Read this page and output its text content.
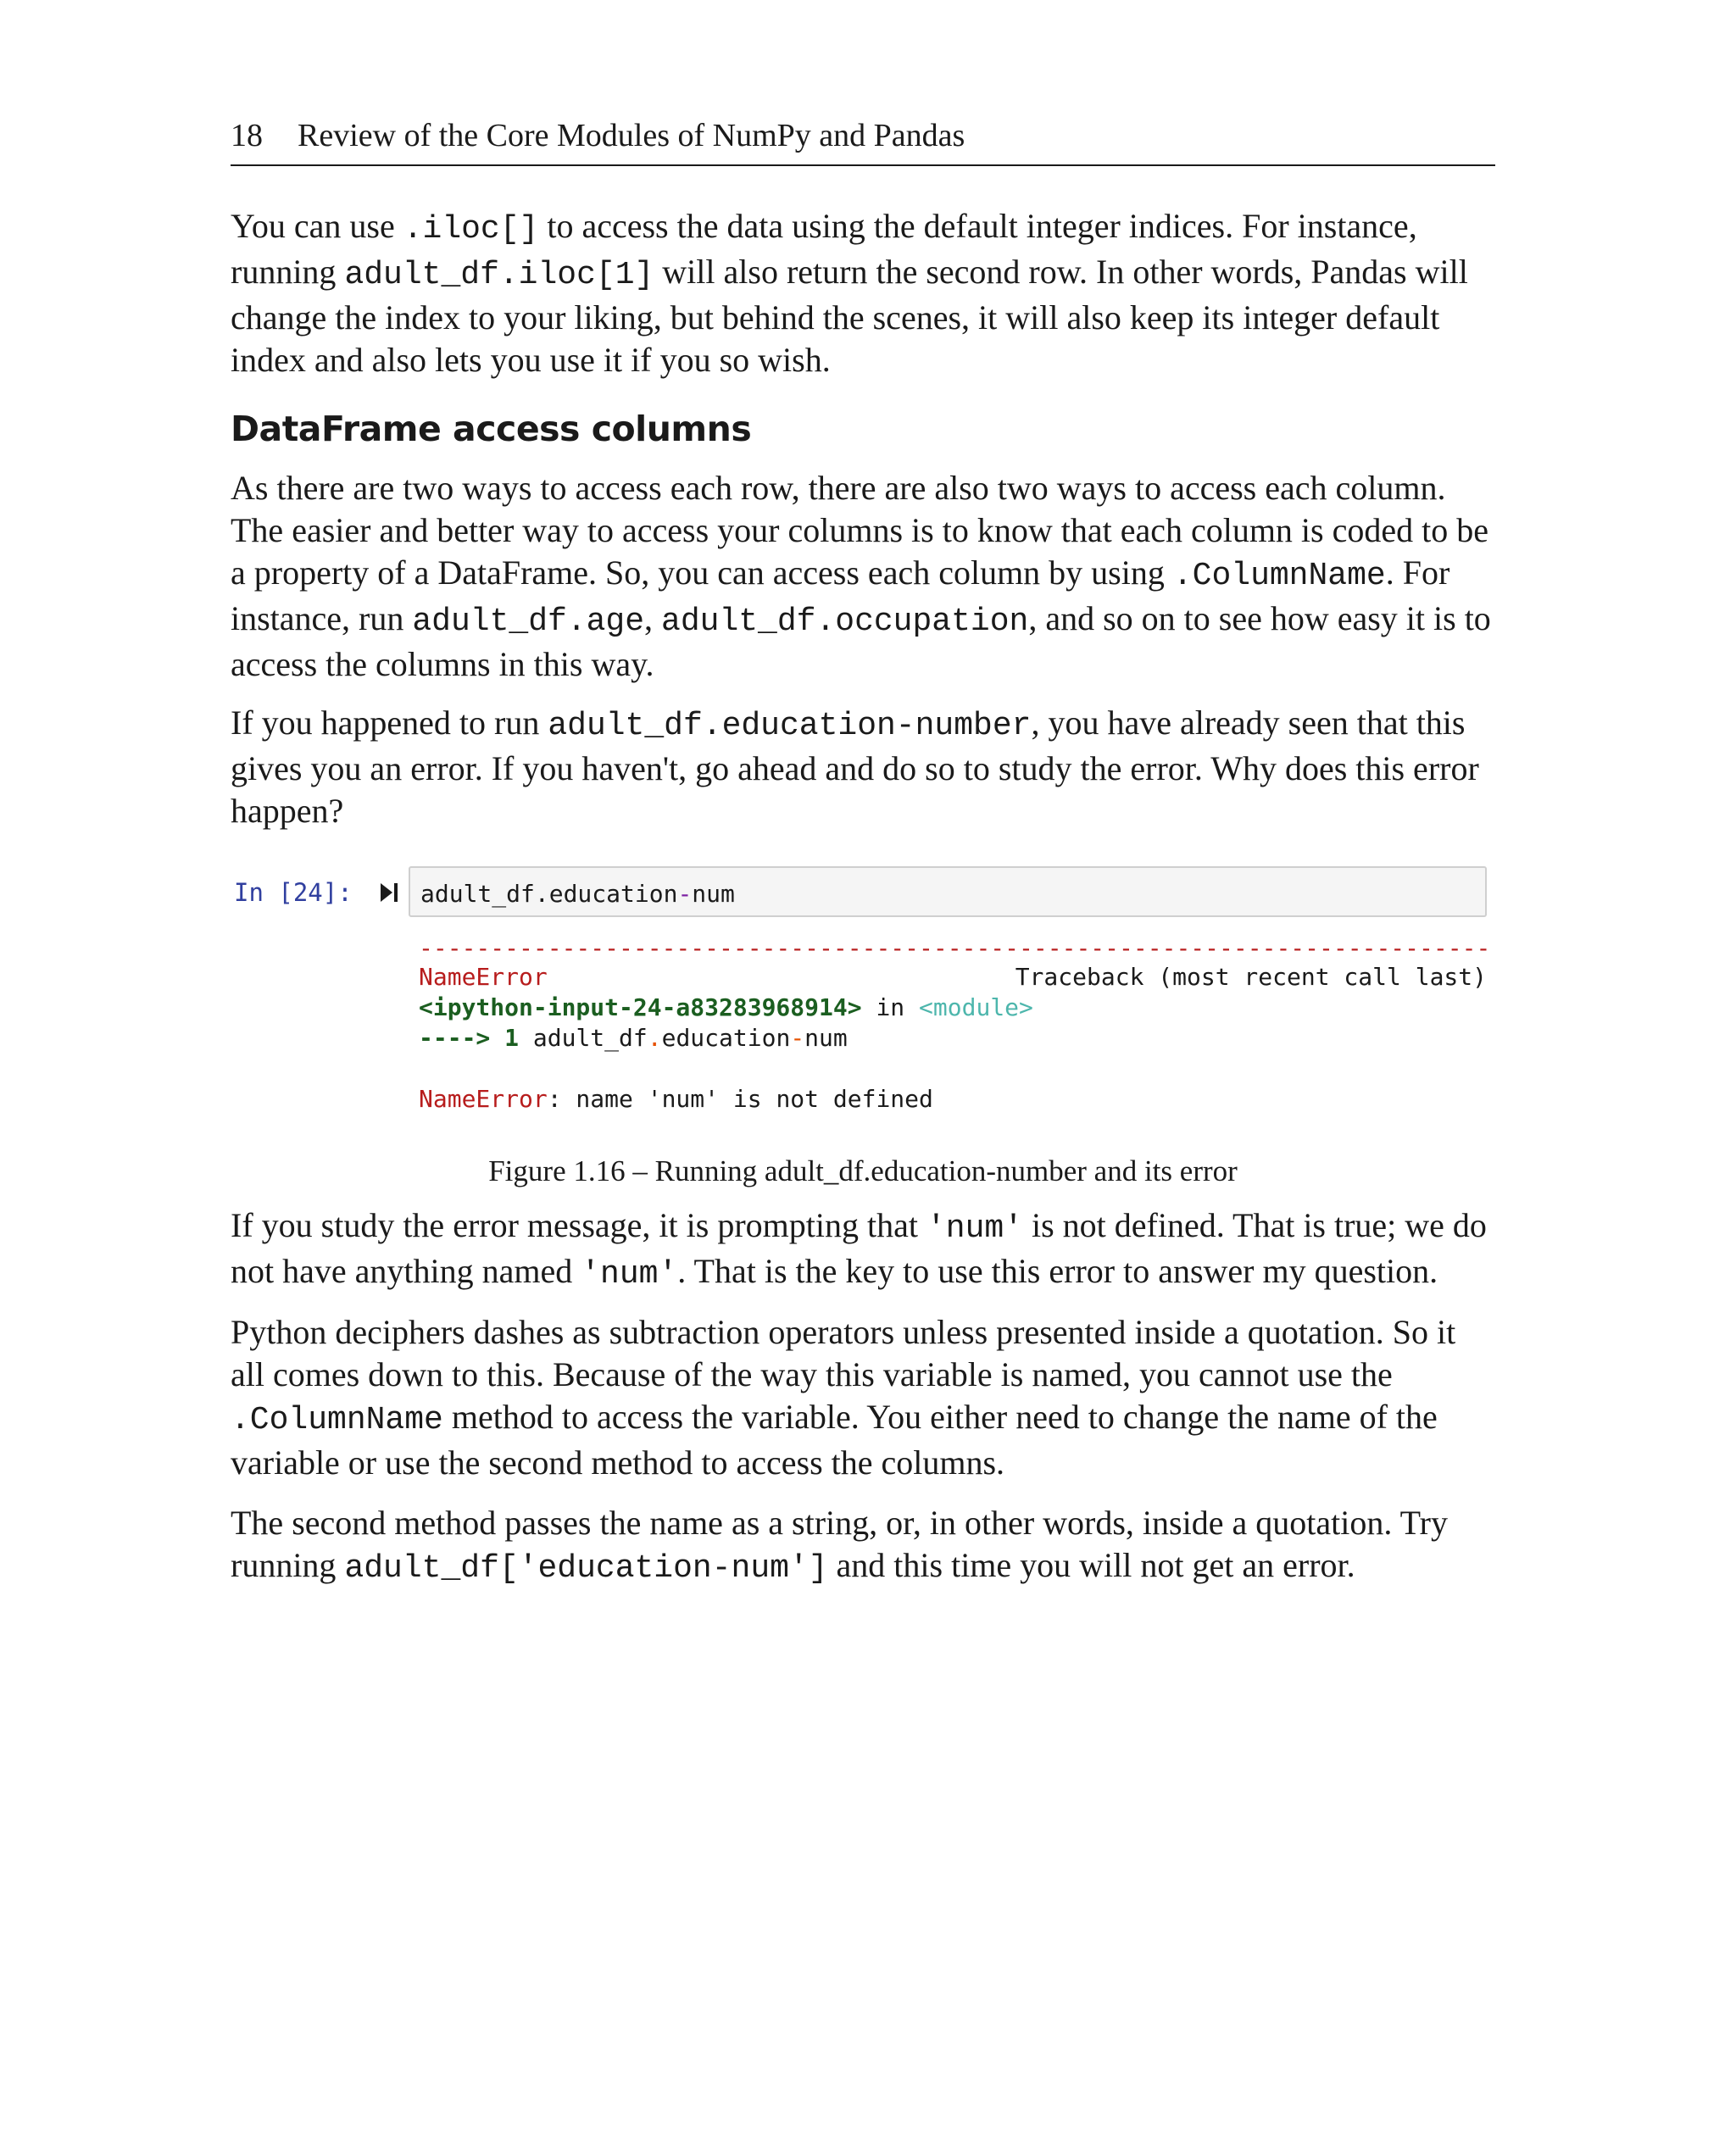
18 Review of the Core Modules of NumPy and Pandas

You can use .iloc[] to access the data using the default integer indices. For instance, running adult_df.iloc[1] will also return the second row. In other words, Pandas will change the index to your liking, but behind the scenes, it will also keep its integer default index and also lets you use it if you so wish.

DataFrame access columns

As there are two ways to access each row, there are also two ways to access each column. The easier and better way to access your columns is to know that each column is coded to be a property of a DataFrame. So, you can access each column by using .ColumnName. For instance, run adult_df.age, adult_df.occupation, and so on to see how easy it is to access the columns in this way.

If you happened to run adult_df.education-number, you have already seen that this gives you an error. If you haven't, go ahead and do so to study the error. Why does this error happen?

In [24]:	adult_df.education-num
---------------------------------------------------------------------------
NameError	Traceback (most recent call last)
<ipython-input-24-a83283968914> in <module>
----> 1 adult_df.education-num
NameError: name 'num' is not defined
Figure 1.16 – Running adult_df.education-number and its error

If you study the error message, it is prompting that 'num' is not defined. That is true; we do not have anything named 'num'. That is the key to use this error to answer my question.

Python deciphers dashes as subtraction operators unless presented inside a quotation. So it all comes down to this. Because of the way this variable is named, you cannot use the .ColumnName method to access the variable. You either need to change the name of the variable or use the second method to access the columns.

The second method passes the name as a string, or, in other words, inside a quotation. Try running adult_df['education-num'] and this time you will not get an error.
